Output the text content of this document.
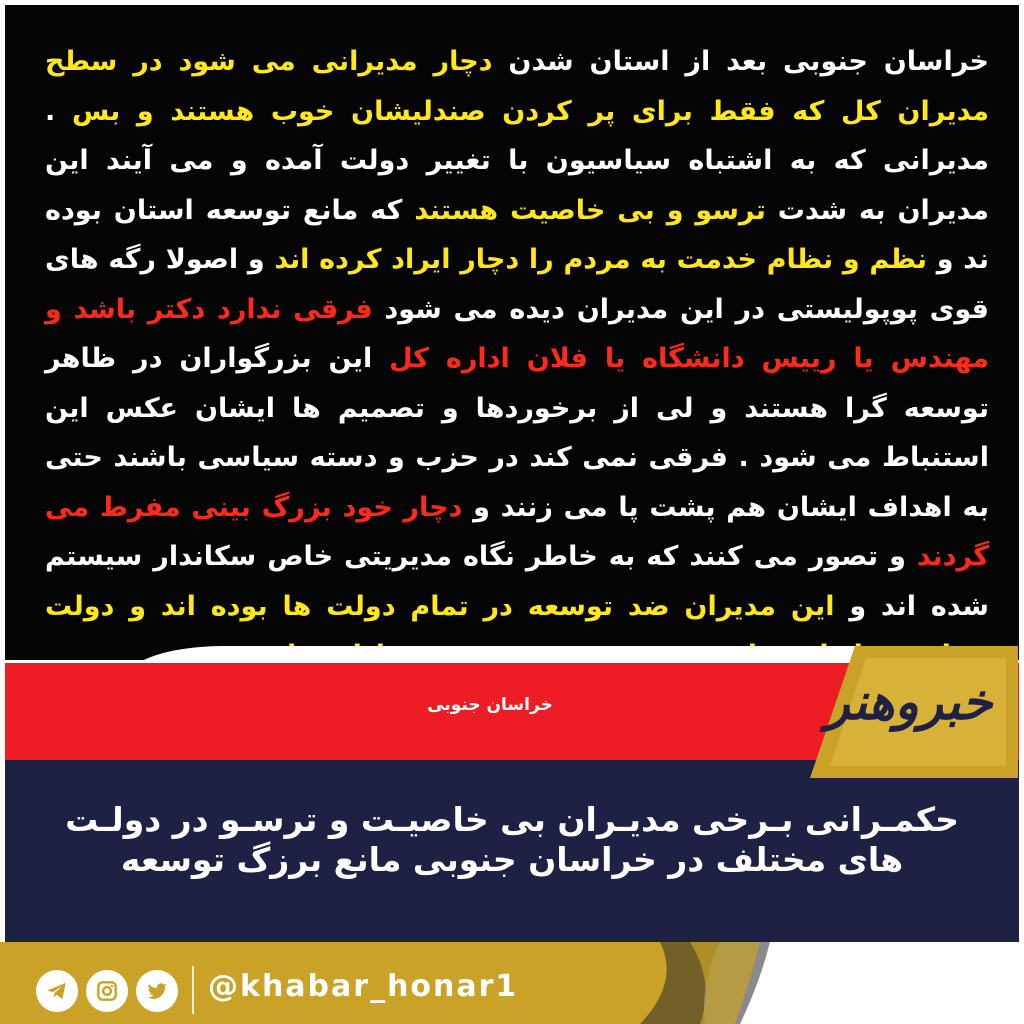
خراسان جنوبی بعد از استان شدن دچار مدیرانی می شود در سطح مدیران کل که فقط برای پر کردن صندلیشان خوب هستند و بس . مدیرانی که به اشتباه سیاسیون با تغییر دولت آمده و می آیند این مدیران به شدت ترسو و بی خاصیت هستند که مانع توسعه استان بوده ند و نظم و نظام خدمت به مردم را دچار ایراد کرده اند و اصولا رگه های قوی پوپولیستی در این مدیران دیده می شود فرقی ندارد دکتر باشد و مهندس یا رییس دانشگاه یا فلان اداره کل این بزرگواران در ظاهر توسعه گرا هستند و لی از برخوردها و تصمیم ها ایشان عکس این استنباط می شود . فرقی نمی کند در حزب و دسته سیاسی باشند حتی به اهداف ایشان هم پشت پا می زنند و دچار خود بزرگ بینی مفرط می گردند و تصور می کنند که به خاطر نگاه مدیریتی خاص سکاندار سیستم شده اند و این مدیران ضد توسعه در تمام دولت ها بوده اند و دولت
خراسان جنوبی
حکمـرانی بـرخی مدیـران بی خاصیـت و ترسـو در دولـت
های مختلف در خراسان جنوبی مانع برزگ توسعه
خبروهنر
@khabar_honar1
